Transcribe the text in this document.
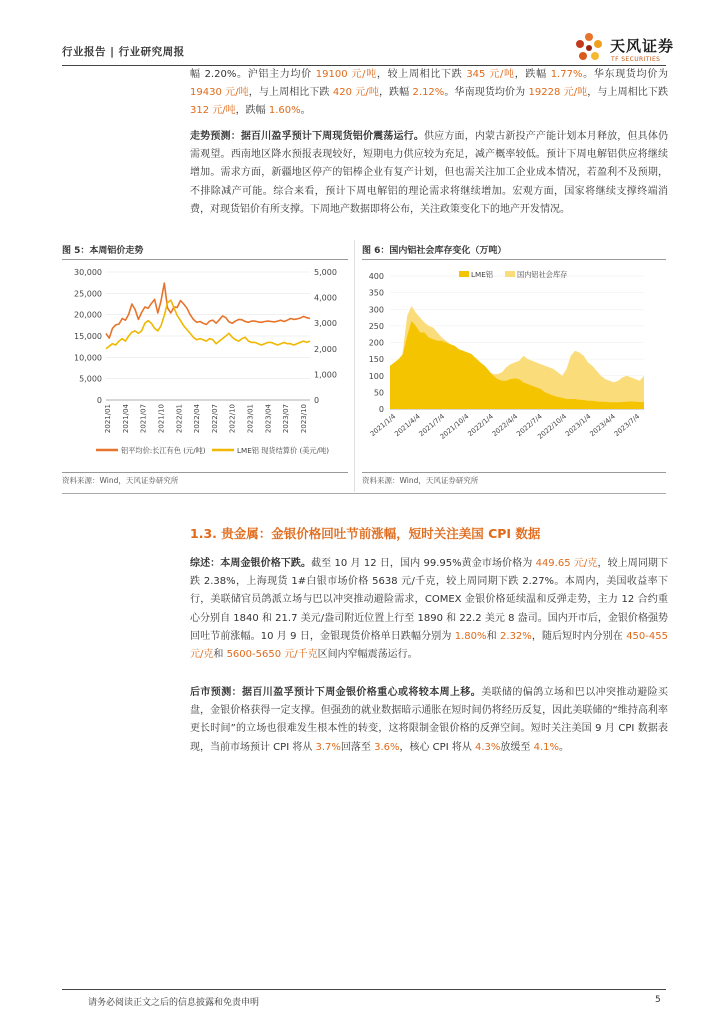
行业报告 | 行业研究周报	天风证券
TF SECURITIES

幅 2.20%。沪铝主力均价 19100 元/吨，较上周相比下跌 345 元/吨，跌幅 1.77%。华东现货均价为 19430 元/吨，与上周相比下跌 420 元/吨，跌幅 2.12%。华南现货均价为 19228 元/吨，与上周相比下跌 312 元/吨，跌幅 1.60%。

走势预测：据百川盈孚预计下周现货铝价震荡运行。供应方面，内蒙古新投产产能计划本月释放，但具体仍需观望。西南地区降水预报表现较好，短期电力供应较为充足，减产概率较低。预计下周电解铝供应将继续增加。需求方面，新疆地区停产的铝棒企业有复产计划，但也需关注加工企业成本情况，若盈利不及预期，不排除减产可能。综合来看，预计下周电解铝的理论需求将继续增加。宏观方面，国家将继续支撑终端消费，对现货铝价有所支撑。下周地产数据即将公布，关注政策变化下的地产开发情况。

图 5：本周铝价走势	图 6：国内铝社会库存变化（万吨）
0
5,000
10,000
15,000
20,000
25,000
30,000
0
1,000
2,000
3,000
4,000
5,000
2021/01 2021/04 2021/07 2021/10 2022/01 2022/04 2022/07 2022/10 2023/01 2023/04 2023/07 2023/10
铝平均价:长江有色 (元/吨)	LME铝 现货结算价 (美元/吨)
0
50
100
150
200
250
300
350
400
2021/1/4
2021/4/4
2021/7/4
2021/10/4
2022/1/4
2022/4/4
2022/7/4
2022/10/4
2023/1/4
2023/4/4
2023/7/4
LME铝	国内铝社会库存
资料来源：Wind，天风证券研究所	资料来源：Wind，天风证券研究所
1.3. 贵金属：金银价格回吐节前涨幅，短时关注美国 CPI 数据

综述：本周金银价格下跌。截至 10 月 12 日，国内 99.95%黄金市场价格为 449.65 元/克，较上周同期下跌 2.38%，上海现货 1#白银市场价格 5638 元/千克，较上周同期下跌 2.27%。本周内，美国收益率下行，美联储官员鸽派立场与巴以冲突推动避险需求，COMEX 金银价格延续温和反弹走势，主力 12 合约重心分别自 1840 和 21.7 美元/盎司附近位置上行至 1890 和 22.2 美元 8 盎司。国内开市后，金银价格强势回吐节前涨幅。10 月 9 日，金银现货价格单日跌幅分别为 1.80%和 2.32%，随后短时内分别在 450-455 元/克和 5600-5650 元/千克区间内窄幅震荡运行。

后市预测：据百川盈孚预计下周金银价格重心或将较本周上移。美联储的偏鸽立场和巴以冲突推动避险买盘，金银价格获得一定支撑。但强劲的就业数据暗示通胀在短时间仍将经历反复，因此美联储的“维持高利率更长时间”的立场也很难发生根本性的转变，这将限制金银价格的反弹空间。短时关注美国 9 月 CPI 数据表现，当前市场预计 CPI 将从 3.7%回落至 3.6%，核心 CPI 将从 4.3%放缓至 4.1%。

请务必阅读正文之后的信息披露和免责申明	5
